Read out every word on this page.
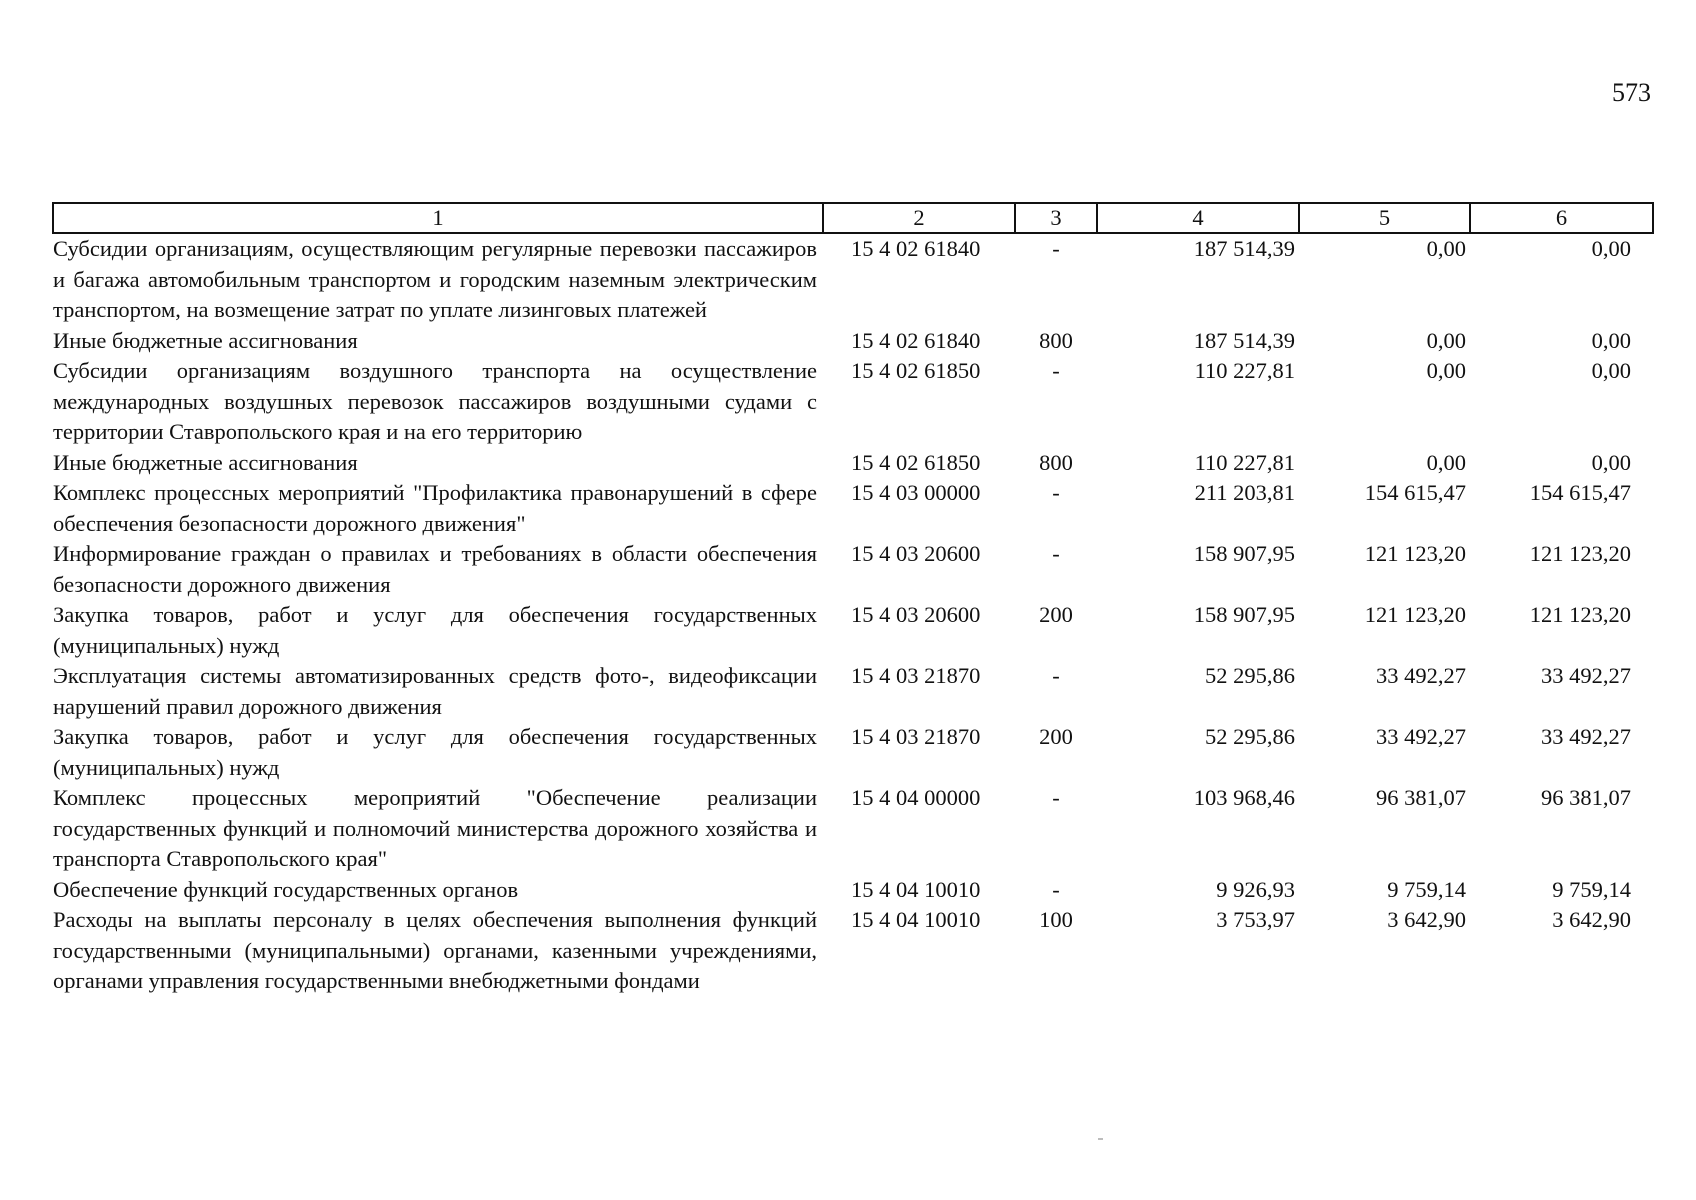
573
1	2	3	4	5	6
Субсидии организациям, осуществляющим регулярные перевозки пассажиров и багажа автомобильным транспортом и городским наземным электрическим транспортом, на возмещение затрат по уплате лизинговых платежей	15 4 02 61840	-	187 514,39	0,00	0,00
Иные бюджетные ассигнования	15 4 02 61840	800	187 514,39	0,00	0,00
Субсидии организациям воздушного транспорта на осуществление международных воздушных перевозок пассажиров воздушными судами с территории Ставропольского края и на его территорию	15 4 02 61850	-	110 227,81	0,00	0,00
Иные бюджетные ассигнования	15 4 02 61850	800	110 227,81	0,00	0,00
Комплекс процессных мероприятий "Профилактика правонарушений в сфере обеспечения безопасности дорожного движения"	15 4 03 00000	-	211 203,81	154 615,47	154 615,47
Информирование граждан о правилах и требованиях в области обеспечения безопасности дорожного движения	15 4 03 20600	-	158 907,95	121 123,20	121 123,20
Закупка товаров, работ и услуг для обеспечения государственных (муниципальных) нужд	15 4 03 20600	200	158 907,95	121 123,20	121 123,20
Эксплуатация системы автоматизированных средств фото-, видеофиксации нарушений правил дорожного движения	15 4 03 21870	-	52 295,86	33 492,27	33 492,27
Закупка товаров, работ и услуг для обеспечения государственных (муниципальных) нужд	15 4 03 21870	200	52 295,86	33 492,27	33 492,27
Комплекс процессных мероприятий "Обеспечение реализации государственных функций и полномочий министерства дорожного хозяйства и транспорта Ставропольского края"	15 4 04 00000	-	103 968,46	96 381,07	96 381,07
Обеспечение функций государственных органов	15 4 04 10010	-	9 926,93	9 759,14	9 759,14
Расходы на выплаты персоналу в целях обеспечения выполнения функций государственными (муниципальными) органами, казенными учреждениями, органами управления государственными внебюджетными фондами	15 4 04 10010	100	3 753,97	3 642,90	3 642,90
